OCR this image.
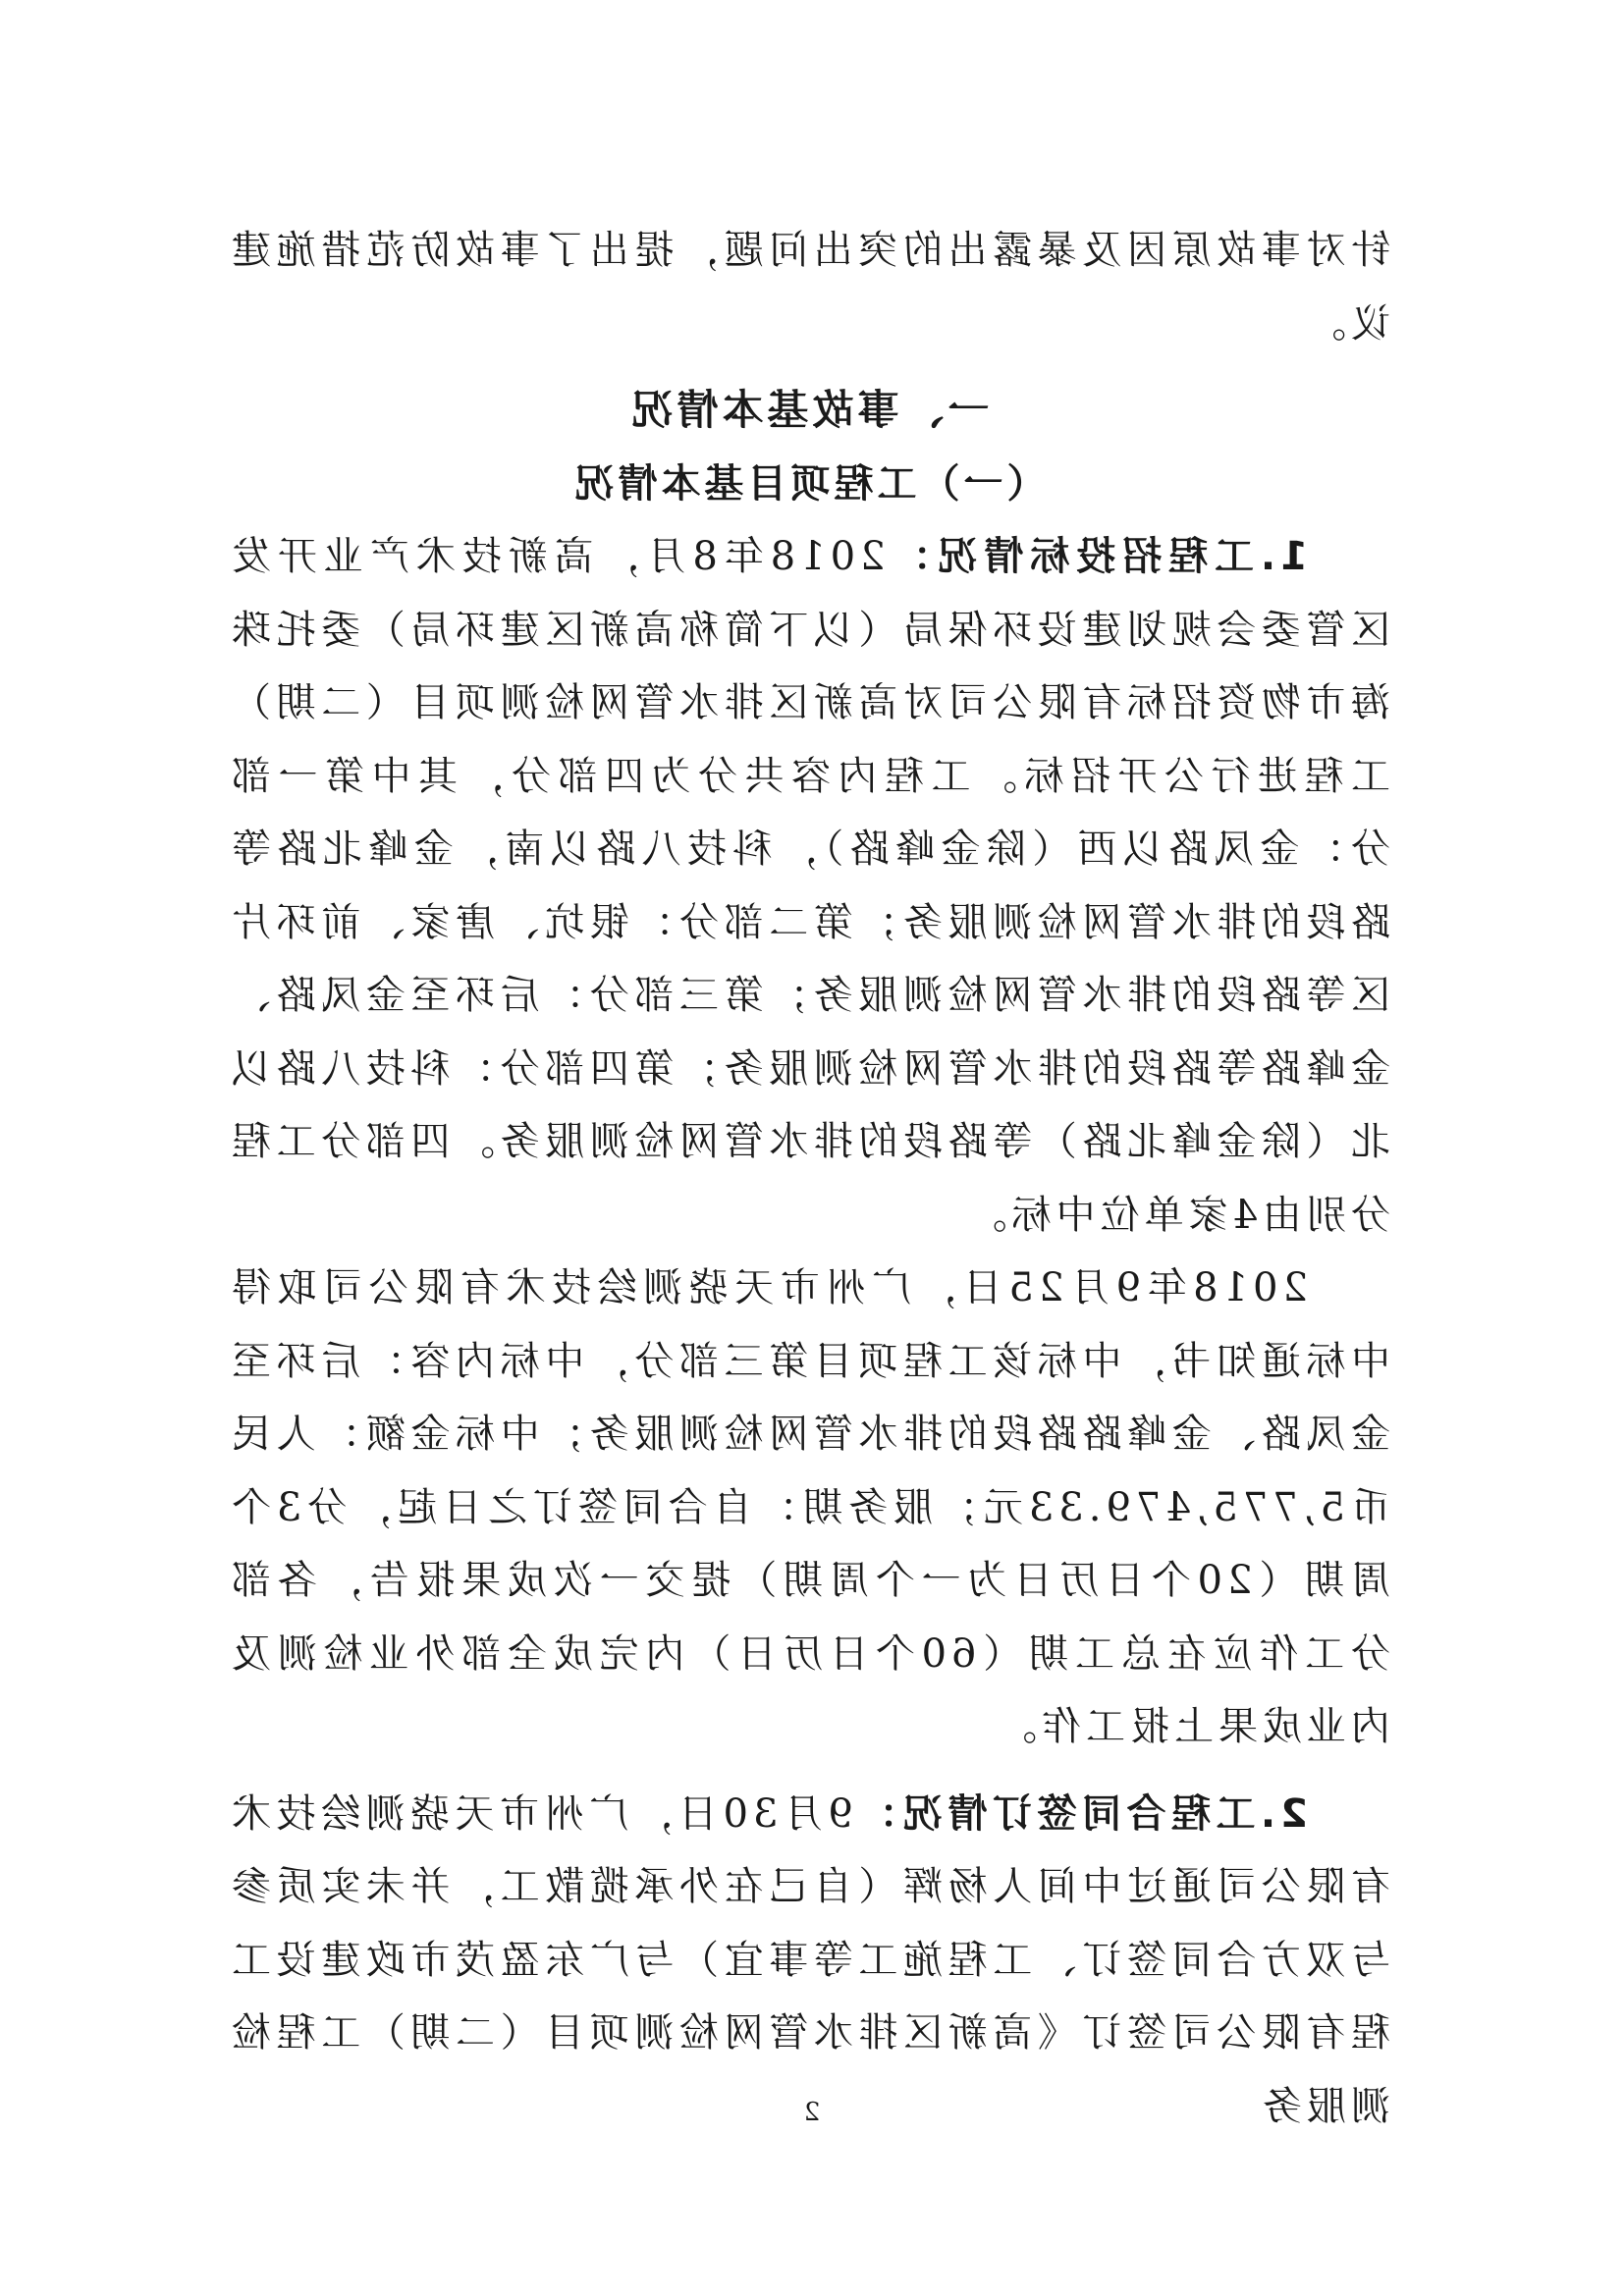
针对事故原因及暴露出的突出问题，提出了事故防范措施建议。

一、事故基本情况

（一）工程项目基本情况

1.工程招投标情况：2018年8月，高新技术产业开发区管委会规划建设环保局（以下简称高新区建环局）委托珠海市物资招标有限公司对高新区排水管网检测项目（二期）工程进行公开招标。工程内容共分为四部分，其中第一部分：金凤路以西（除金峰路），科技八路以南，金峰北路等路段的排水管网检测服务；第二部分：银坑、唐家、前环片区等路段的排水管网检测服务；第三部分：后环至金凤路、金峰路等路段的排水管网检测服务；第四部分：科技八路以北（除金峰北路）等路段的排水管网检测服务。四部分工程分别由4家单位中标。

2018年9月25日，广州市天骁测绘技术有限公司取得中标通知书，中标该工程项目第三部分，中标内容：后环至金凤路、金峰路路段的排水管网检测服务；中标金额：人民币5,775,479.33元；服务期：自合同签订之日起，分3个周期（20个日历日为一个周期）提交一次成果报告，各部分工作应在总工期（60个日历日）内完成全部外业检测及内业成果上报工作。

2.工程合同签订情况：9月30日，广州市天骁测绘技术有限公司通过中间人杨辉（自己在外承揽散工，并未实质参与双方合同签订、工程施工等事宜）与广东盈茂市政建设工程有限公司签订《高新区排水管网检测项目（二期）工程检测服务

2
